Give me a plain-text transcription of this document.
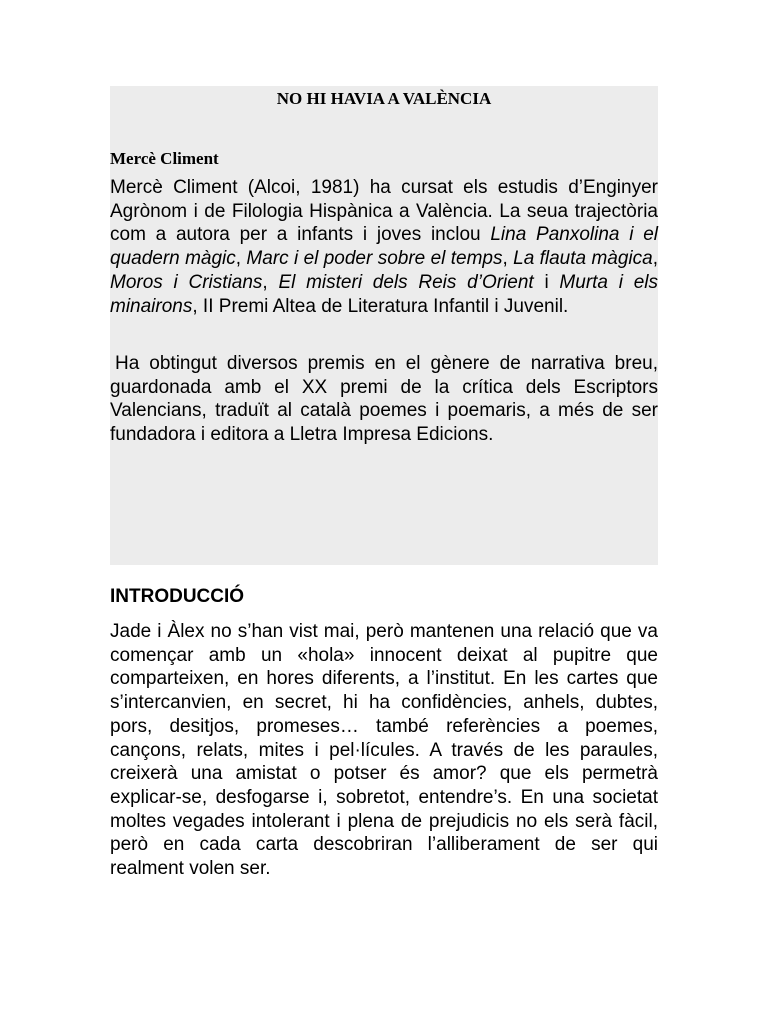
NO HI HAVIA A VALÈNCIA
Mercè Climent

Mercè Climent (Alcoi, 1981) ha cursat els estudis d’Enginyer Agrònom i de Filologia Hispànica a València. La seua trajectòria com a autora per a infants i joves inclou Lina Panxolina i el quadern màgic, Marc i el poder sobre el temps, La flauta màgica, Moros i Cristians, El misteri dels Reis d’Orient i Murta i els minairons, II Premi Altea de Literatura Infantil i Juvenil.

Ha obtingut diversos premis en el gènere de narrativa breu, guardonada amb el XX premi de la crítica dels Escriptors Valencians, traduït al català poemes i poemaris, a més de ser fundadora i editora a Lletra Impresa Edicions.

INTRODUCCIÓ

Jade i Àlex no s’han vist mai, però mantenen una relació que va començar amb un «hola» innocent deixat al pupitre que comparteixen, en hores diferents, a l’institut. En les cartes que s’intercanvien, en secret, hi ha confidències, anhels, dubtes, pors, desitjos, promeses… també referències a poemes, cançons, relats, mites i pel·lícules. A través de les paraules, creixerà una amistat o potser és amor? que els permetrà explicar-se, desfogarse i, sobretot, entendre’s. En una societat moltes vegades intolerant i plena de prejudicis no els serà fàcil, però en cada carta descobriran l’alliberament de ser qui realment volen ser.
